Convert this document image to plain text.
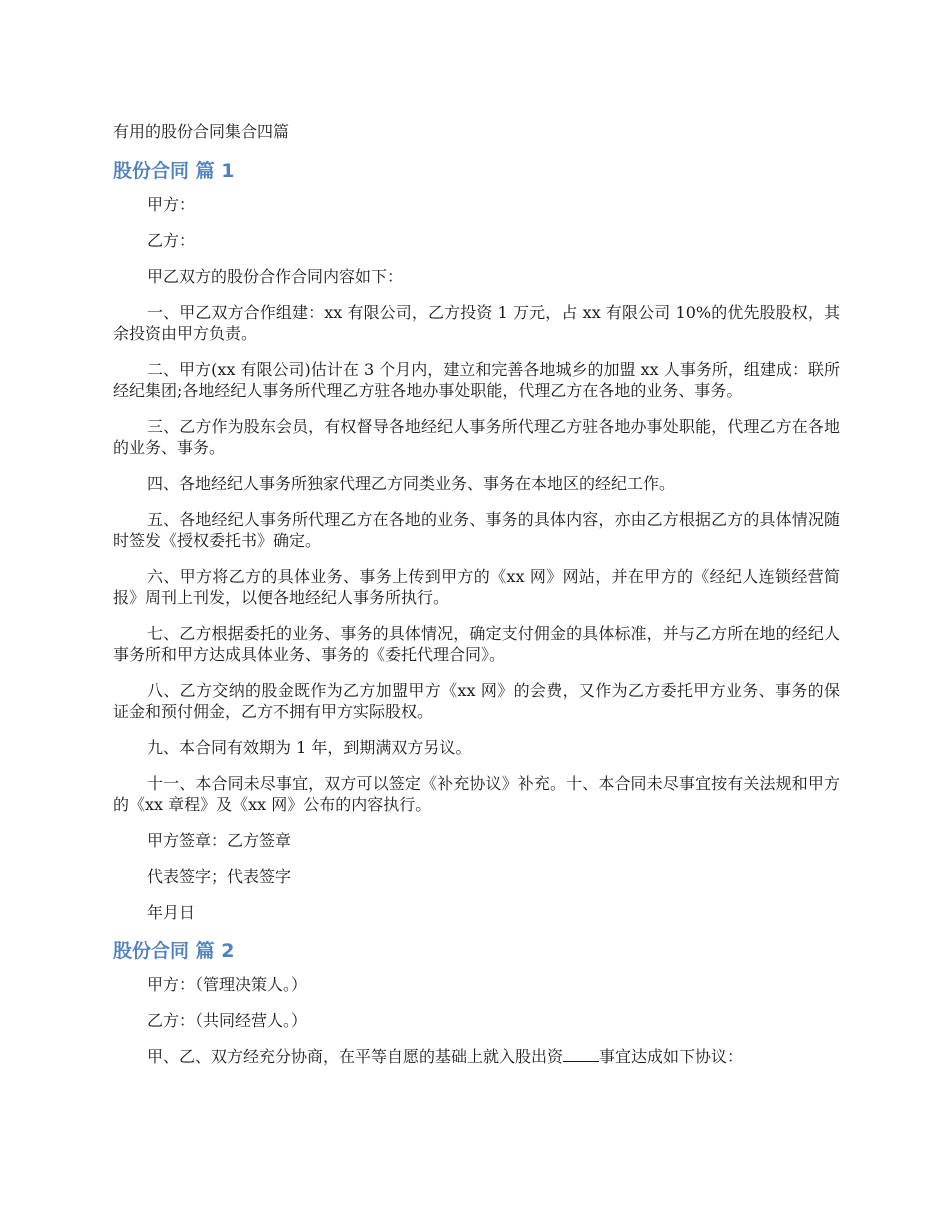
有用的股份合同集合四篇
股份合同 篇 1

甲方：

乙方：

甲乙双方的股份合作合同内容如下：

一、甲乙双方合作组建：xx 有限公司，乙方投资 1 万元，占 xx 有限公司 10%的优先股股权，其余投资由甲方负责。

二、甲方(xx 有限公司)估计在 3 个月内，建立和完善各地城乡的加盟 xx 人事务所，组建成：联所经纪集团;各地经纪人事务所代理乙方驻各地办事处职能，代理乙方在各地的业务、事务。

三、乙方作为股东会员，有权督导各地经纪人事务所代理乙方驻各地办事处职能，代理乙方在各地的业务、事务。

四、各地经纪人事务所独家代理乙方同类业务、事务在本地区的经纪工作。

五、各地经纪人事务所代理乙方在各地的业务、事务的具体内容，亦由乙方根据乙方的具体情况随时签发《授权委托书》确定。

六、甲方将乙方的具体业务、事务上传到甲方的《xx 网》网站，并在甲方的《经纪人连锁经营简报》周刊上刊发，以便各地经纪人事务所执行。

七、乙方根据委托的业务、事务的具体情况，确定支付佣金的具体标准，并与乙方所在地的经纪人事务所和甲方达成具体业务、事务的《委托代理合同》。

八、乙方交纳的股金既作为乙方加盟甲方《xx 网》的会费，又作为乙方委托甲方业务、事务的保证金和预付佣金，乙方不拥有甲方实际股权。

九、本合同有效期为 1 年，到期满双方另议。

十一、本合同未尽事宜，双方可以签定《补充协议》补充。十、本合同未尽事宜按有关法规和甲方的《xx 章程》及《xx 网》公布的内容执行。

甲方签章：乙方签章

代表签字；代表签字

年月日

股份合同 篇 2

甲方：（管理决策人。）

乙方：（共同经营人。）

甲、乙、双方经充分协商，在平等自愿的基础上就入股出资 事宜达成如下协议：
